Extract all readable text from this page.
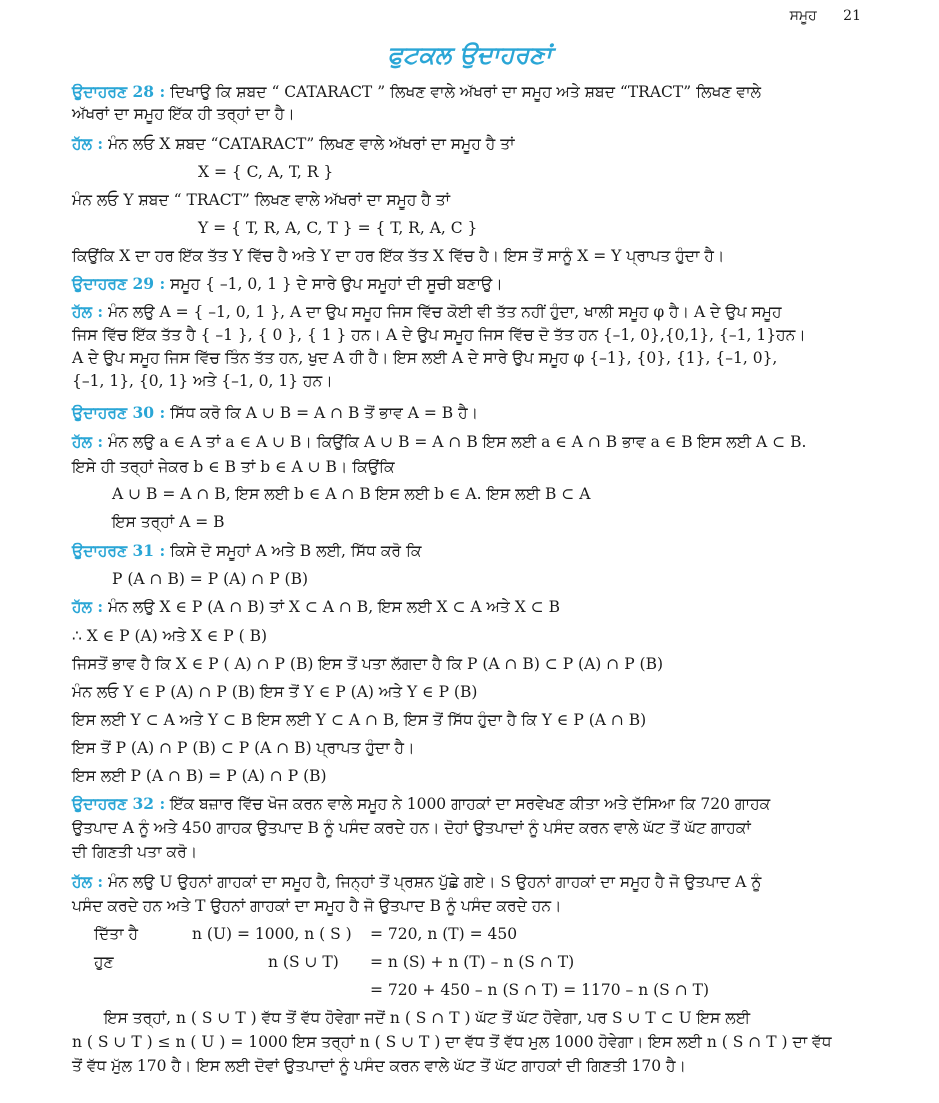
ਸਮੂਹ 21
ਫੁਟਕਲ ਉਦਾਹਰਣਾਂ
ਉਦਾਹਰਣ 28 : ਦਿਖਾਉ ਕਿ ਸ਼ਬਦ “ CATARACT ” ਲਿਖਣ ਵਾਲੇ ਅੱਖਰਾਂ ਦਾ ਸਮੂਹ ਅਤੇ ਸ਼ਬਦ “TRACT” ਲਿਖਣ ਵਾਲੇ
ਅੱਖਰਾਂ ਦਾ ਸਮੂਹ ਇੱਕ ਹੀ ਤਰ੍ਹਾਂ ਦਾ ਹੈ।
ਹੱਲ : ਮੰਨ ਲਓ X ਸ਼ਬਦ “CATARACT” ਲਿਖਣ ਵਾਲੇ ਅੱਖਰਾਂ ਦਾ ਸਮੂਹ ਹੈ ਤਾਂ
X = { C, A, T, R }
ਮੰਨ ਲਓ Y ਸ਼ਬਦ “ TRACT” ਲਿਖਣ ਵਾਲੇ ਅੱਖਰਾਂ ਦਾ ਸਮੂਹ ਹੈ ਤਾਂ
Y = { T, R, A, C, T } = { T, R, A, C }
ਕਿਉਂਕਿ X ਦਾ ਹਰ ਇੱਕ ਤੱਤ Y ਵਿੱਚ ਹੈ ਅਤੇ Y ਦਾ ਹਰ ਇੱਕ ਤੱਤ X ਵਿੱਚ ਹੈ। ਇਸ ਤੋਂ ਸਾਨੂੰ X = Y ਪ੍ਰਾਪਤ ਹੁੰਦਾ ਹੈ।
ਉਦਾਹਰਣ 29 : ਸਮੂਹ { –1, 0, 1 } ਦੇ ਸਾਰੇ ਉਪ ਸਮੂਹਾਂ ਦੀ ਸੂਚੀ ਬਣਾਉ।
ਹੱਲ : ਮੰਨ ਲਉ A = { –1, 0, 1 }, A ਦਾ ਉਪ ਸਮੂਹ ਜਿਸ ਵਿੱਚ ਕੋਈ ਵੀ ਤੱਤ ਨਹੀਂ ਹੁੰਦਾ, ਖਾਲੀ ਸਮੂਹ φ ਹੈ। A ਦੇ ਉਪ ਸਮੂਹ
ਜਿਸ ਵਿੱਚ ਇੱਕ ਤੱਤ ਹੈ { –1 }, { 0 }, { 1 } ਹਨ। A ਦੇ ਉਪ ਸਮੂਹ ਜਿਸ ਵਿੱਚ ਦੋ ਤੱਤ ਹਨ {–1, 0},{0,1}, {–1, 1}ਹਨ।
A ਦੇ ਉਪ ਸਮੂਹ ਜਿਸ ਵਿੱਚ ਤਿੰਨ ਤੱਤ ਹਨ, ਖੁਦ A ਹੀ ਹੈ। ਇਸ ਲਈ A ਦੇ ਸਾਰੇ ਉਪ ਸਮੂਹ φ {–1}, {0}, {1}, {–1, 0},
{–1, 1}, {0, 1} ਅਤੇ {–1, 0, 1} ਹਨ।
ਉਦਾਹਰਣ 30 : ਸਿੱਧ ਕਰੋ ਕਿ A ∪ B = A ∩ B ਤੋਂ ਭਾਵ A = B ਹੈ।
ਹੱਲ : ਮੰਨ ਲਉ a ∈ A ਤਾਂ a ∈ A ∪ B। ਕਿਉਂਕਿ A ∪ B = A ∩ B ਇਸ ਲਈ a ∈ A ∩ B ਭਾਵ a ∈ B ਇਸ ਲਈ A ⊂ B.
ਇਸੇ ਹੀ ਤਰ੍ਹਾਂ ਜੇਕਰ b ∈ B ਤਾਂ b ∈ A ∪ B। ਕਿਉਂਕਿ
A ∪ B = A ∩ B, ਇਸ ਲਈ b ∈ A ∩ B ਇਸ ਲਈ b ∈ A. ਇਸ ਲਈ B ⊂ A
ਇਸ ਤਰ੍ਹਾਂ A = B
ਉਦਾਹਰਣ 31 : ਕਿਸੇ ਦੋ ਸਮੂਹਾਂ A ਅਤੇ B ਲਈ, ਸਿੱਧ ਕਰੋ ਕਿ
P (A ∩ B) = P (A) ∩ P (B)
ਹੱਲ : ਮੰਨ ਲਉ X ∈ P (A ∩ B) ਤਾਂ X ⊂ A ∩ B, ਇਸ ਲਈ X ⊂ A ਅਤੇ X ⊂ B
∴ X ∈ P (A) ਅਤੇ X ∈ P ( B)
ਜਿਸਤੋਂ ਭਾਵ ਹੈ ਕਿ X ∈ P ( A) ∩ P (B) ਇਸ ਤੋਂ ਪਤਾ ਲੱਗਦਾ ਹੈ ਕਿ P (A ∩ B) ⊂ P (A) ∩ P (B)
ਮੰਨ ਲਓ Y ∈ P (A) ∩ P (B) ਇਸ ਤੋਂ Y ∈ P (A) ਅਤੇ Y ∈ P (B)
ਇਸ ਲਈ Y ⊂ A ਅਤੇ Y ⊂ B ਇਸ ਲਈ Y ⊂ A ∩ B, ਇਸ ਤੋਂ ਸਿੱਧ ਹੁੰਦਾ ਹੈ ਕਿ Y ∈ P (A ∩ B)
ਇਸ ਤੋਂ P (A) ∩ P (B) ⊂ P (A ∩ B) ਪ੍ਰਾਪਤ ਹੁੰਦਾ ਹੈ।
ਇਸ ਲਈ P (A ∩ B) = P (A) ∩ P (B)
ਉਦਾਹਰਣ 32 : ਇੱਕ ਬਜ਼ਾਰ ਵਿੱਚ ਖੋਜ ਕਰਨ ਵਾਲੇ ਸਮੂਹ ਨੇ 1000 ਗਾਹਕਾਂ ਦਾ ਸਰਵੇਖਣ ਕੀਤਾ ਅਤੇ ਦੱਸਿਆ ਕਿ 720 ਗਾਹਕ
ਉਤਪਾਦ A ਨੂੰ ਅਤੇ 450 ਗਾਹਕ ਉਤਪਾਦ B ਨੂੰ ਪਸੰਦ ਕਰਦੇ ਹਨ। ਦੋਹਾਂ ਉਤਪਾਦਾਂ ਨੂੰ ਪਸੰਦ ਕਰਨ ਵਾਲੇ ਘੱਟ ਤੋਂ ਘੱਟ ਗਾਹਕਾਂ
ਦੀ ਗਿਣਤੀ ਪਤਾ ਕਰੋ।
ਹੱਲ : ਮੰਨ ਲਉ U ਉਹਨਾਂ ਗਾਹਕਾਂ ਦਾ ਸਮੂਹ ਹੈ, ਜਿਨ੍ਹਾਂ ਤੋਂ ਪ੍ਰਸ਼ਨ ਪੁੱਛੇ ਗਏ। S ਉਹਨਾਂ ਗਾਹਕਾਂ ਦਾ ਸਮੂਹ ਹੈ ਜੋ ਉਤਪਾਦ A ਨੂੰ
ਪਸੰਦ ਕਰਦੇ ਹਨ ਅਤੇ T ਉਹਨਾਂ ਗਾਹਕਾਂ ਦਾ ਸਮੂਹ ਹੈ ਜੋ ਉਤਪਾਦ B ਨੂੰ ਪਸੰਦ ਕਰਦੇ ਹਨ।
ਦਿੱਤਾ ਹੈ	n (U) = 1000, n ( S ) = 720, n (T) = 450
ਹੁਣ	n (S ∪ T) = n (S) + n (T) – n (S ∩ T)
= 720 + 450 – n (S ∩ T) = 1170 – n (S ∩ T)
ਇਸ ਤਰ੍ਹਾਂ, n ( S ∪ T ) ਵੱਧ ਤੋਂ ਵੱਧ ਹੋਵੇਗਾ ਜਦੋਂ n ( S ∩ T ) ਘੱਟ ਤੋਂ ਘੱਟ ਹੋਵੇਗਾ, ਪਰ S ∪ T ⊂ U ਇਸ ਲਈ
n ( S ∪ T ) ≤ n ( U ) = 1000 ਇਸ ਤਰ੍ਹਾਂ n ( S ∪ T ) ਦਾ ਵੱਧ ਤੋਂ ਵੱਧ ਮੁਲ 1000 ਹੋਵੇਗਾ। ਇਸ ਲਈ n ( S ∩ T ) ਦਾ ਵੱਧ
ਤੋਂ ਵੱਧ ਮੁੱਲ 170 ਹੈ। ਇਸ ਲਈ ਦੋਵਾਂ ਉਤਪਾਦਾਂ ਨੂੰ ਪਸੰਦ ਕਰਨ ਵਾਲੇ ਘੱਟ ਤੋਂ ਘੱਟ ਗਾਹਕਾਂ ਦੀ ਗਿਣਤੀ 170 ਹੈ।
